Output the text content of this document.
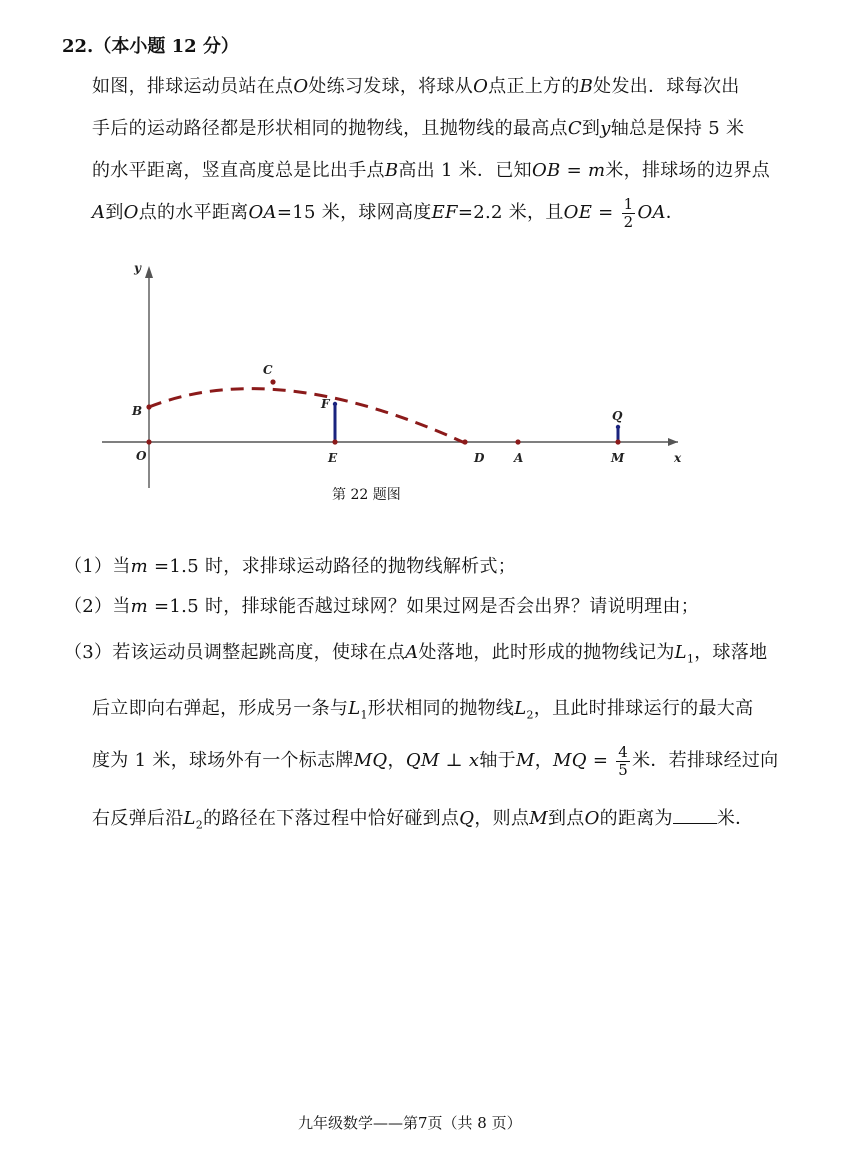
22.（本小题 12 分）
如图，排球运动员站在点O处练习发球，将球从O点正上方的B处发出．球每次出
手后的运动路径都是形状相同的抛物线，且抛物线的最高点C到y轴总是保持 5 米
的水平距离，竖直高度总是比出手点B高出 1 米．已知OB = m米，排球场的边界点
A到O点的水平距离OA=15 米，球网高度EF=2.2 米，且OE = $\frac{1}{2}$ OA．
y
x
O
B
C
F
E	D A	M
Q
第 22 题图
（1）当m =1.5 时，求排球运动路径的抛物线解析式；
（2）当m =1.5 时，排球能否越过球网？如果过网是否会出界？请说明理由；
（3）若该运动员调整起跳高度，使球在点A处落地，此时形成的抛物线记为$L_1$，球落地
后立即向右弹起，形成另一条与$L_1$形状相同的抛物线$L_2$，且此时排球运行的最大高
度为 1 米，球场外有一个标志牌MQ，QM ⊥ x轴于M，MQ = $\frac{4}{5}$ 米．若排球经过向
右反弹后沿$L_2$的路径在下落过程中恰好碰到点Q，则点M到点O的距离为 米．
九年级数学——第7页（共 8 页）
